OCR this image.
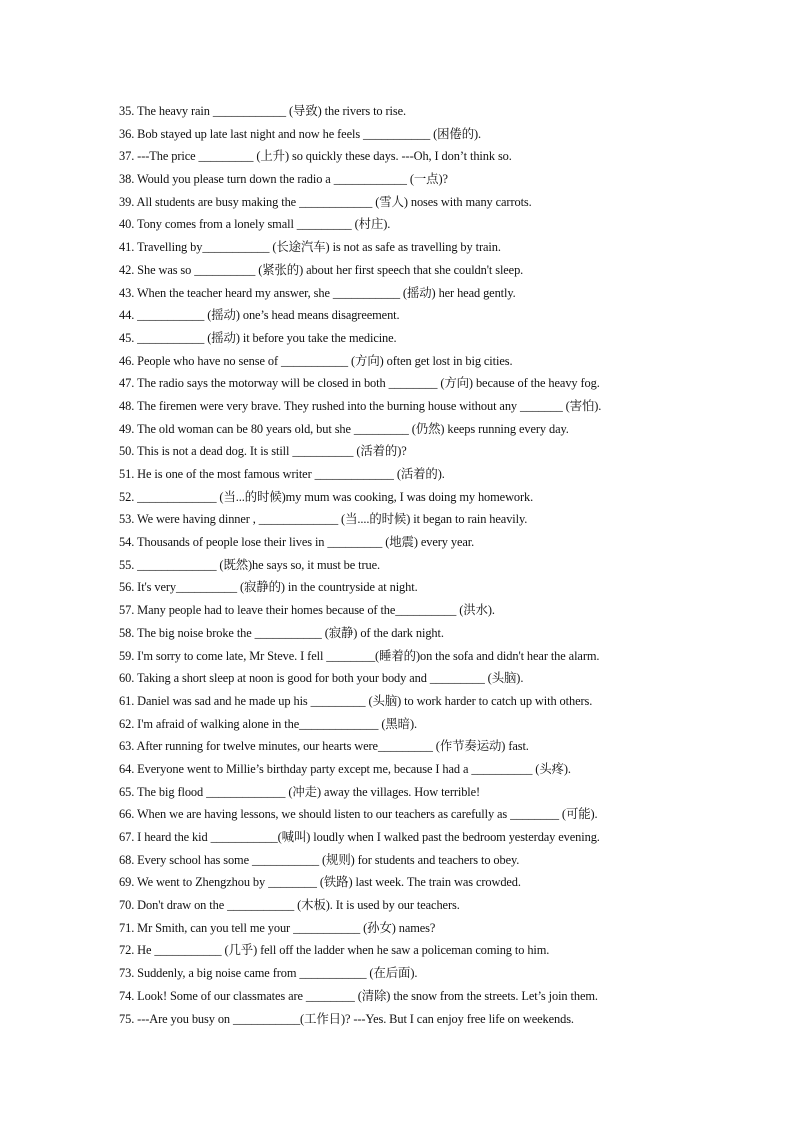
35. The heavy rain ____________ (导致) the rivers to rise.
36. Bob stayed up late last night and now he feels ___________ (困倦的).
37. ---The price _________ (上升) so quickly these days. ---Oh, I don’t think so.
38. Would you please turn down the radio a ____________ (一点)?
39. All students are busy making the ____________ (雪人) noses with many carrots.
40. Tony comes from a lonely small _________ (村庄).
41. Travelling by___________ (长途汽车) is not as safe as travelling by train.
42. She was so __________ (紧张的) about her first speech that she couldn't sleep.
43. When the teacher heard my answer, she ___________ (摇动) her head gently.
44. ___________ (摇动) one’s head means disagreement.
45. ___________ (摇动) it before you take the medicine.
46. People who have no sense of ___________ (方向) often get lost in big cities.
47. The radio says the motorway will be closed in both ________ (方向) because of the heavy fog.
48. The firemen were very brave. They rushed into the burning house without any _______ (害怕).
49. The old woman can be 80 years old, but she _________ (仍然) keeps running every day.
50. This is not a dead dog. It is still __________ (活着的)?
51. He is one of the most famous writer _____________ (活着的).
52. _____________ (当...的时候)my mum was cooking, I was doing my homework.
53. We were having dinner , _____________ (当....的时候) it began to rain heavily.
54. Thousands of people lose their lives in _________ (地震) every year.
55. _____________ (既然)he says so, it must be true.
56. It's very__________ (寂静的) in the countryside at night.
57. Many people had to leave their homes because of the__________ (洪水).
58. The big noise broke the ___________ (寂静) of the dark night.
59. I'm sorry to come late, Mr Steve. I fell ________(睡着的)on the sofa and didn't hear the alarm.
60. Taking a short sleep at noon is good for both your body and _________ (头脑).
61. Daniel was sad and he made up his _________ (头脑) to work harder to catch up with others.
62. I'm afraid of walking alone in the_____________ (黑暗).
63. After running for twelve minutes, our hearts were_________ (作节奏运动) fast.
64. Everyone went to Millie’s birthday party except me, because I had a __________ (头疼).
65. The big flood _____________ (冲走) away the villages. How terrible!
66. When we are having lessons, we should listen to our teachers as carefully as ________ (可能).
67. I heard the kid ___________(喊叫) loudly when I walked past the bedroom yesterday evening.
68. Every school has some ___________ (规则) for students and teachers to obey.
69. We went to Zhengzhou by ________ (铁路) last week. The train was crowded.
70. Don't draw on the ___________ (木板). It is used by our teachers.
71. Mr Smith, can you tell me your ___________ (孙女) names?
72. He ___________ (几乎) fell off the ladder when he saw a policeman coming to him.
73. Suddenly, a big noise came from ___________ (在后面).
74. Look! Some of our classmates are ________ (清除) the snow from the streets. Let’s join them.
75. ---Are you busy on ___________(工作日)? ---Yes. But I can enjoy free life on weekends.
